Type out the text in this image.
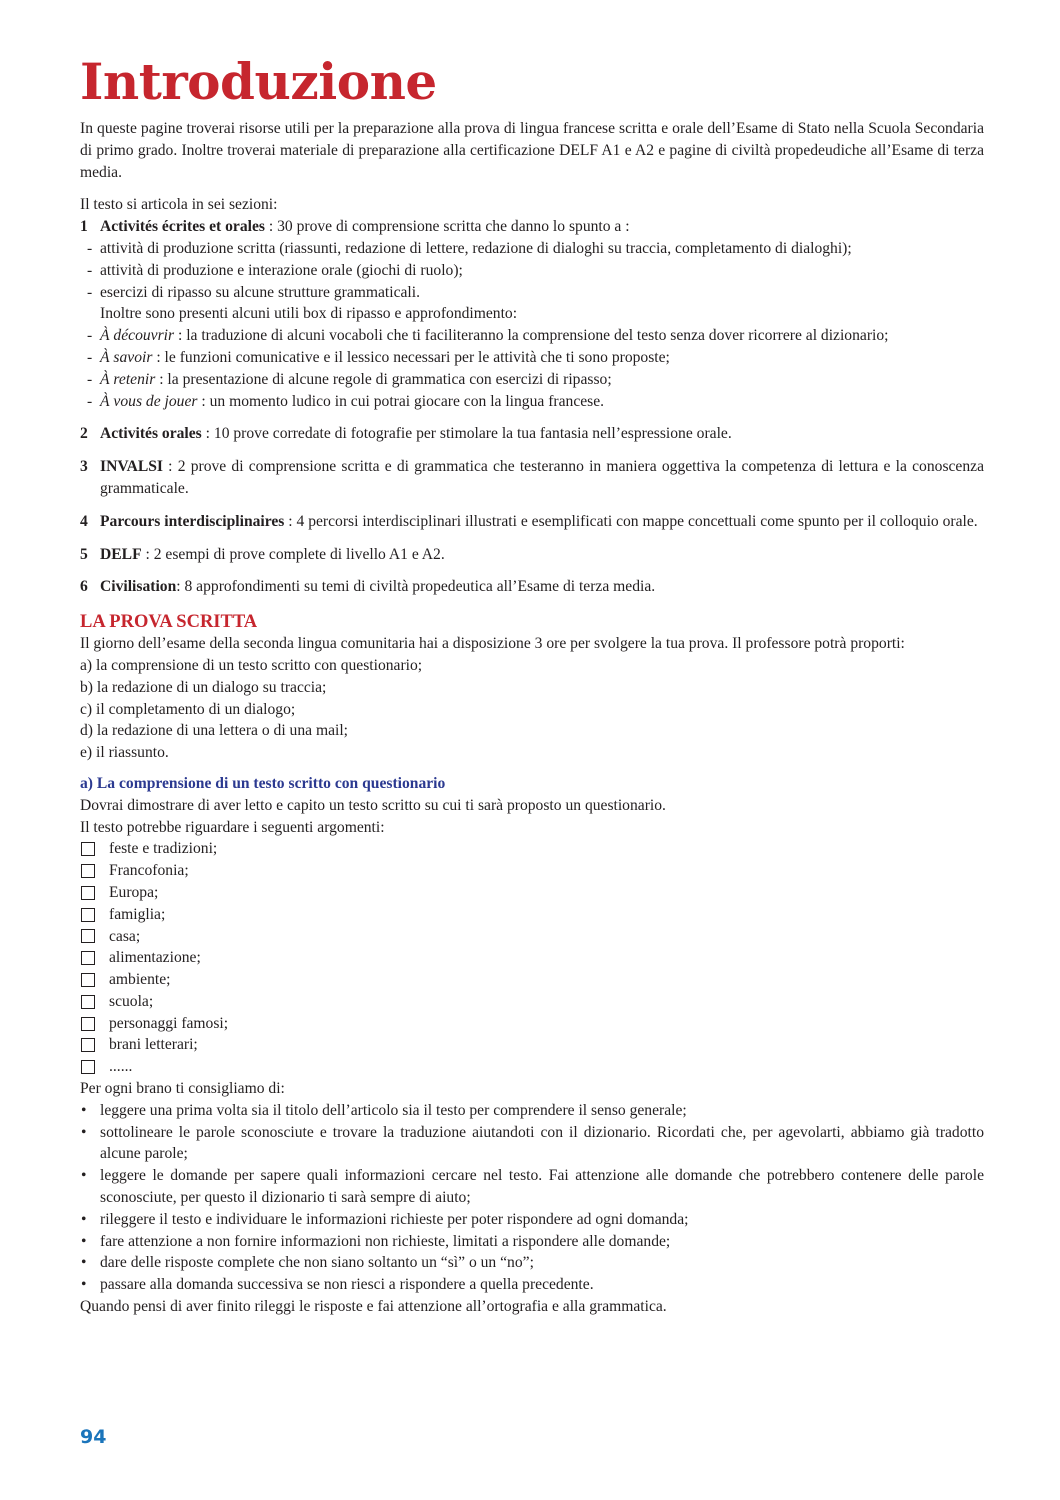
Introduzione

In queste pagine troverai risorse utili per la preparazione alla prova di lingua francese scritta e orale dell’Esame di Stato nella Scuola Secondaria di primo grado. Inoltre troverai materiale di preparazione alla certificazione DELF A1 e A2 e pagine di civiltà propedeudiche all’Esame di terza media.

Il testo si articola in sei sezioni:

1 Activités écrites et orales : 30 prove di comprensione scritta che danno lo spunto a :
- attività di produzione scritta (riassunti, redazione di lettere, redazione di dialoghi su traccia, completamento di dialoghi);
- attività di produzione e interazione orale (giochi di ruolo);
- esercizi di ripasso su alcune strutture grammaticali.
Inoltre sono presenti alcuni utili box di ripasso e approfondimento:
- À découvrir : la traduzione di alcuni vocaboli che ti faciliteranno la comprensione del testo senza dover ricorrere al dizionario;
- À savoir : le funzioni comunicative e il lessico necessari per le attività che ti sono proposte;
- À retenir : la presentazione di alcune regole di grammatica con esercizi di ripasso;
- À vous de jouer : un momento ludico in cui potrai giocare con la lingua francese.
2 Activités orales : 10 prove corredate di fotografie per stimolare la tua fantasia nell’espressione orale.
3 INVALSI : 2 prove di comprensione scritta e di grammatica che testeranno in maniera oggettiva la competenza di lettura e la conoscenza grammaticale.
4 Parcours interdisciplinaires : 4 percorsi interdisciplinari illustrati e esemplificati con mappe concettuali come spunto per il colloquio orale.
5 DELF : 2 esempi di prove complete di livello A1 e A2.
6 Civilisation: 8 approfondimenti su temi di civiltà propedeutica all’Esame di terza media.
LA PROVA SCRITTA

Il giorno dell’esame della seconda lingua comunitaria hai a disposizione 3 ore per svolgere la tua prova. Il professore potrà proporti:

a) la comprensione di un testo scritto con questionario;
b) la redazione di un dialogo su traccia;
c) il completamento di un dialogo;
d) la redazione di una lettera o di una mail;
e) il riassunto.
a) La comprensione di un testo scritto con questionario
Dovrai dimostrare di aver letto e capito un testo scritto su cui ti sarà proposto un questionario.
Il testo potrebbe riguardare i seguenti argomenti:
feste e tradizioni;
Francofonia;
Europa;
famiglia;
casa;
alimentazione;
ambiente;
scuola;
personaggi famosi;
brani letterari;
......
Per ogni brano ti consigliamo di:
• leggere una prima volta sia il titolo dell’articolo sia il testo per comprendere il senso generale;
• sottolineare le parole sconosciute e trovare la traduzione aiutandoti con il dizionario. Ricordati che, per agevolarti, abbiamo già tradotto alcune parole;
• leggere le domande per sapere quali informazioni cercare nel testo. Fai attenzione alle domande che potrebbero contenere delle parole sconosciute, per questo il dizionario ti sarà sempre di aiuto;
• rileggere il testo e individuare le informazioni richieste per poter rispondere ad ogni domanda;
• fare attenzione a non fornire informazioni non richieste, limitati a rispondere alle domande;
• dare delle risposte complete che non siano soltanto un “sì” o un “no”;
• passare alla domanda successiva se non riesci a rispondere a quella precedente.
Quando pensi di aver finito rileggi le risposte e fai attenzione all’ortografia e alla grammatica.
94
